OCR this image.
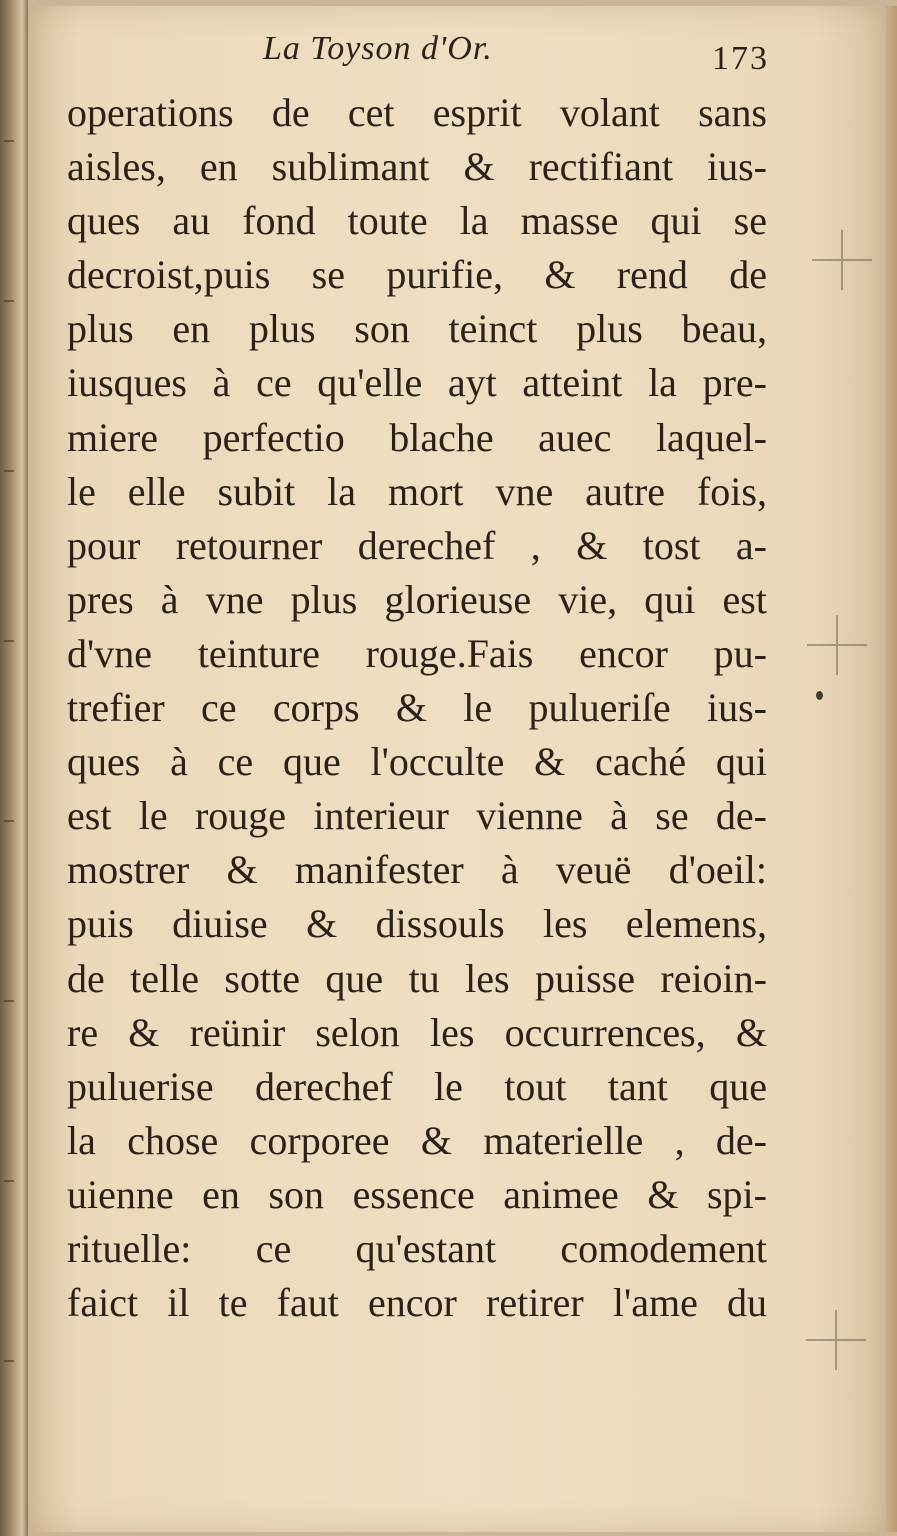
La Toyson d'Or.	173
operations de cet esprit volant sans
aisles, en sublimant & rectifiant ius-
ques au fond toute la masse qui se
decroist,puis se purifie, & rend de
plus en plus son teinct plus beau,
iusques à ce qu'elle ayt atteint la pre-
miere perfectio blache auec laquel-
le elle subit la mort vne autre fois,
pour retourner derechef , & tost a-
pres à vne plus glorieuse vie, qui est
d'vne teinture rouge.Fais encor pu-
trefier ce corps & le pulueriſe ius-
ques à ce que l'occulte & caché qui
est le rouge interieur vienne à se de-
mostrer & manifester à veuë d'oeil:
puis diuise & dissouls les elemens,
de telle sotte que tu les puisse reioin-
re & reünir selon les occurrences, &
puluerise derechef le tout tant que
la chose corporee & materielle , de-
uienne en son essence animee & spi-
rituelle: ce qu'estant comodement
faict il te faut encor retirer l'ame du
